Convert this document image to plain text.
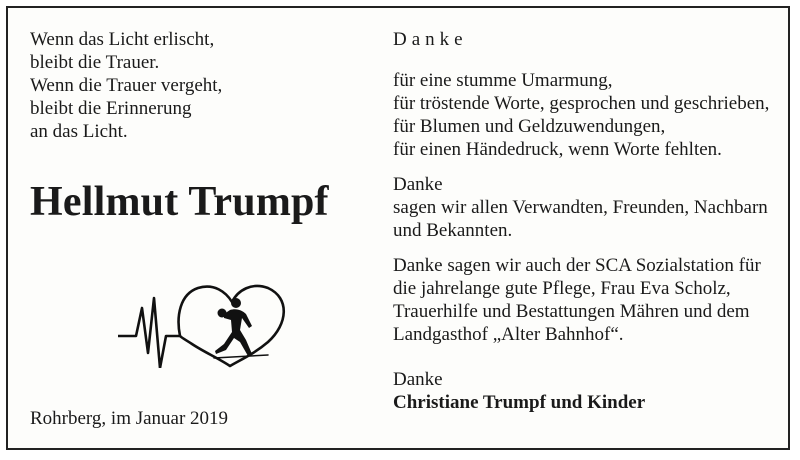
Wenn das Licht erlischt,

bleibt die Trauer.

Wenn die Trauer vergeht,

bleibt die Erinnerung

an das Licht.

Hellmut Trumpf
Rohrberg, im Januar 2019

Danke

für eine stumme Umarmung,

für tröstende Worte, gesprochen und geschrieben,

für Blumen und Geldzuwendungen,

für einen Händedruck, wenn Worte fehlten.

Danke

sagen wir allen Verwandten, Freunden, Nachbarn

und Bekannten.

Danke sagen wir auch der SCA Sozialstation für

die jahrelange gute Pflege, Frau Eva Scholz,

Trauerhilfe und Bestattungen Mähren und dem

Landgasthof „Alter Bahnhof“.

Danke

Christiane Trumpf und Kinder
